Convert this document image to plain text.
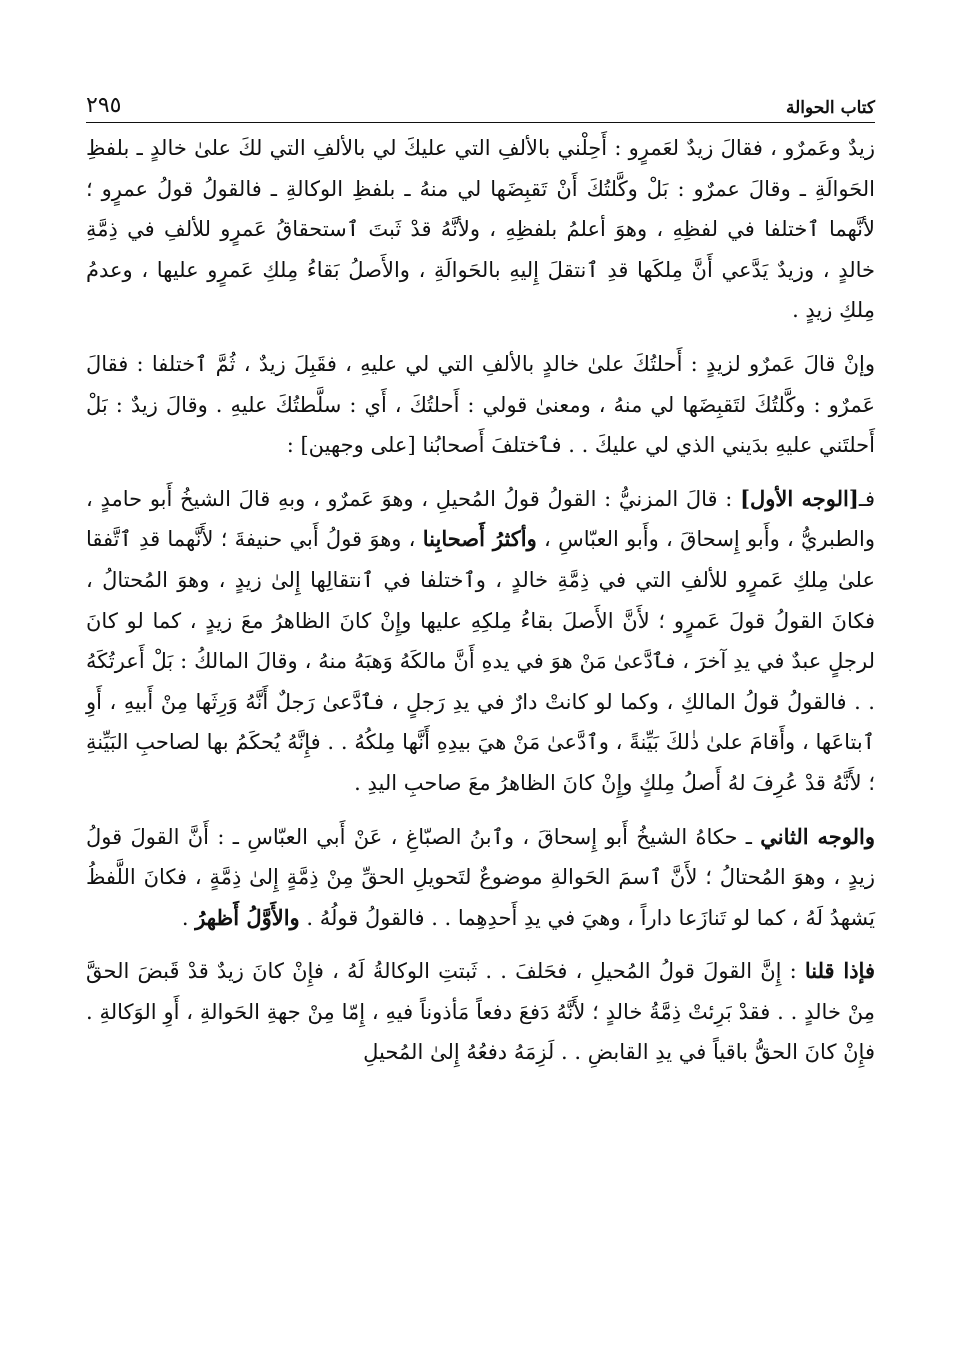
كتاب الحوالة
٢٩٥

زيدٌ وعَمرٌو ، فقالَ زيدٌ لعَمرٍو : أَحِلْني بالألفِ التي عليكَ لي بالألفِ التي لكَ علىٰ خالدٍ ـ بلفظِ الحَوالَةِ ـ وقالَ عمرٌو : بَلْ وكَّلتُكَ أَنْ تَقبِضَها لي منهُ ـ بلفظِ الوكالةِ ـ فالقولُ قولُ عمرٍو ؛ لأنَّهما ٱختلفا في لفظِهِ ، وهوَ أعلمُ بلفظِهِ ، ولأنَّهُ قدْ ثَبتَ ٱستحقاقُ عَمرٍو للألفِ في ذِمَّةِ خالدٍ ، وزيدٌ يَدَّعي أَنَّ مِلكَها قدِ ٱنتقلَ إِليهِ بالحَوالَةِ ، والأَصلُ بَقاءُ مِلكِ عَمرٍو عليها ، وعدمُ مِلكِ زيدٍ .

وإنْ قالَ عَمرٌو لزيدٍ : أَحلتُكَ علىٰ خالدٍ بالألفِ التي لي عليهِ ، فقَبِلَ زيدٌ ، ثُمَّ ٱختلفا : فقالَ عَمرٌو : وكَّلتُكَ لتَقبِضَها لي منهُ ، ومعنىٰ قولي : أَحلتُكَ ، أَي : سلَّطتُكَ عليهِ . وقالَ زيدٌ : بَلْ أَحلتَني عليهِ بدَيني الذي لي عليكَ . . فٱختلفَ أَصحابُنا [على وجهين] :

فـ[الوجه الأول] : قالَ المزنيُّ : القولُ قولُ المُحيلِ ، وهوَ عَمرٌو ، وبهِ قالَ الشيخُ أَبو حامدٍ ، والطبريُّ ، وأَبو إِسحاقَ ، وأَبو العبّاسِ ، وأكثرُ أَصحابِنا ، وهوَ قولُ أَبي حنيفةَ ؛ لأَنَّهما قدِ ٱتَّفقا علىٰ مِلكِ عَمرٍو للألفِ التي في ذِمَّةِ خالدٍ ، وٱختلفا في ٱنتقالِها إِلىٰ زيدٍ ، وهوَ المُحتالُ ، فكانَ القولُ قولَ عَمرٍو ؛ لأَنَّ الأَصلَ بقاءُ مِلكِهِ عليها وإِنْ كانَ الظاهرُ معَ زيدٍ ، كما لو كانَ لرجلٍ عبدٌ في يدِ آخرَ ، فٱدَّعىٰ مَنْ هوَ في يدهِ أَنَّ مالكَهُ وَهبَهُ منهُ ، وقالَ المالكُ : بَلْ أَعرتُكَهُ . . فالقولُ قولُ المالكِ ، وكما لو كانتْ دارٌ في يدِ رَجلٍ ، فٱدَّعىٰ رَجلٌ أَنَّهُ وَرِثَها مِنْ أَبيهِ ، أَوِ ٱبتاعَها ، وأَقامَ علىٰ ذٰلكَ بَيِّنةً ، وٱدَّعىٰ مَنْ هيَ بيدِهِ أَنَّها مِلكُهُ . . فإِنَّهُ يُحكَمُ بها لصاحبِ البَيِّنةِ ؛ لأَنَّهُ قدْ عُرِفَ لهُ أَصلُ مِلكٍ وإِنْ كانَ الظاهرُ معَ صاحبِ اليدِ .

والوجه الثاني ـ حكاهُ الشيخُ أَبو إِسحاقَ ، وٱبنُ الصبّاغِ ، عَنْ أَبي العبّاسِ ـ : أَنَّ القولَ قولُ زيدٍ ، وهوَ المُحتالُ ؛ لأَنَّ ٱسمَ الحَوالةِ موضوعٌ لتَحويلِ الحقِّ مِنْ ذِمَّةٍ إِلىٰ ذِمَّةٍ ، فكانَ اللَّفظُ يَشهدُ لَهُ ، كما لو تَنازَعا داراً ، وهيَ في يدِ أَحدِهِما . . فالقولُ قولُهُ . والأَوَّلُ أَظهرُ .

فإذا قلنا : إِنَّ القولَ قولُ المُحيلِ ، فحَلفَ . . ثَبتتِ الوكالةُ لَهُ ، فإِنْ كانَ زيدٌ قدْ قَبضَ الحقَّ مِنْ خالدٍ . . فقدْ بَرِئتْ ذِمَّةُ خالدٍ ؛ لأَنَّهُ دَفعَ دفعاً مَأذوناً فيهِ ، إِمّا مِنْ جهةِ الحَوالةِ ، أَوِ الوَكالةِ . فإِنْ كانَ الحقُّ باقياً في يدِ القابضِ . . لَزِمَهُ دفعُهُ إِلىٰ المُحيلِ
